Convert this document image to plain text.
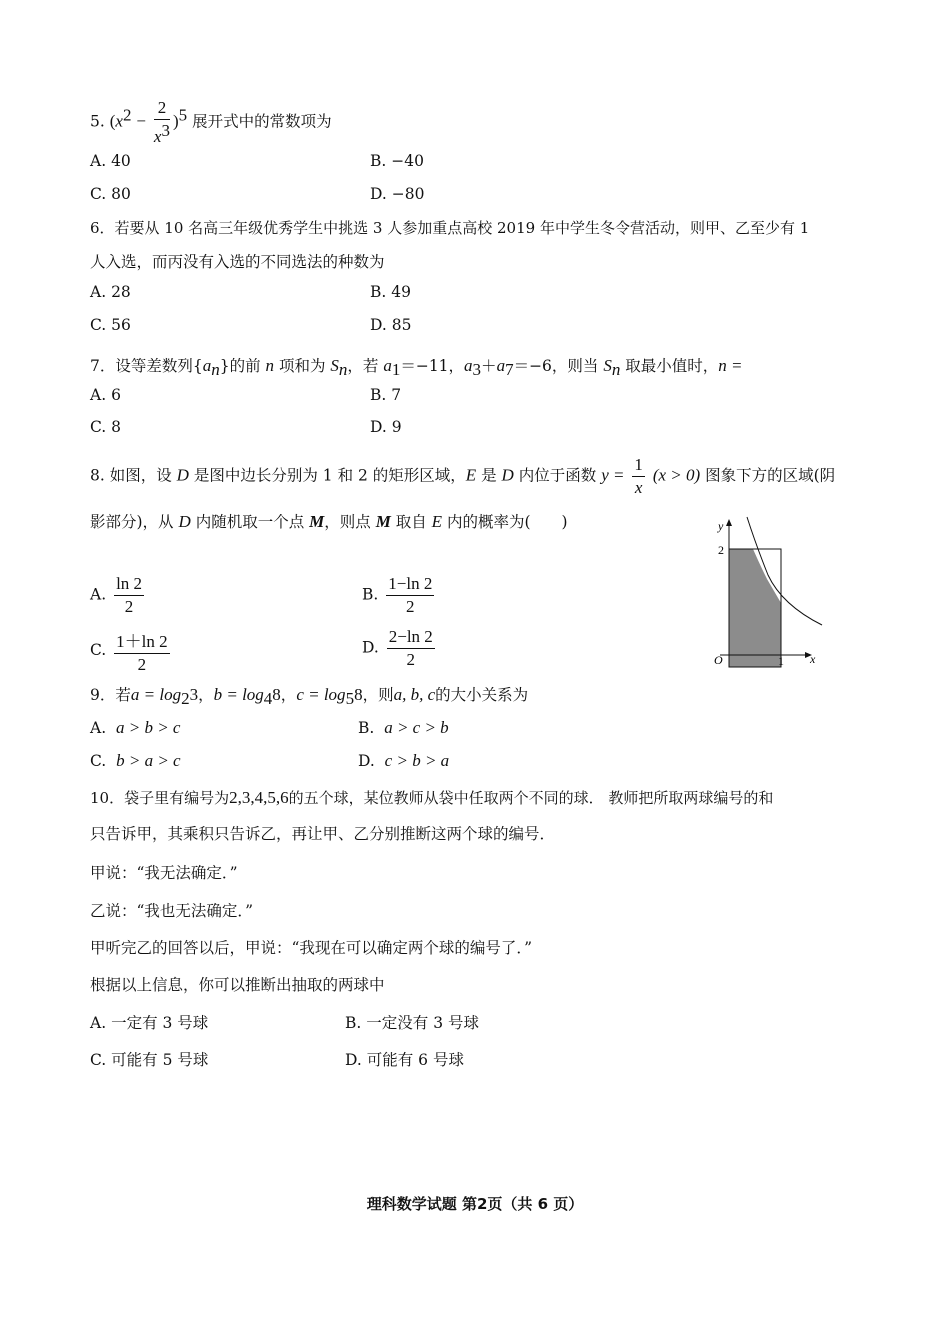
5. $(x^2 - \frac{2}{x^3} )^5$ 展开式中的常数项为
A. 40	B. −40
C. 80	D. −80
6．若要从 10 名高三年级优秀学生中挑选 3 人参加重点高校 2019 年中学生冬令营活动，则甲、乙至少有 1
人入选，而丙没有入选的不同选法的种数为
A. 28	B. 49
C. 56	D. 85
7．设等差数列$\{a_n\}$的前 n 项和为 $S_n$，若 $a_1=-11$，$a_3+a_7=-6$，则当 $S_n$ 取最小值时，n =
A. 6	B. 7
C. 8	D. 9
8. 如图，设 D 是图中边长分别为 1 和 2 的矩形区域，E 是 D 内位于函数 $y = \frac{1}{x} (x > 0)$ 图象下方的区域(阴
影部分)，从 D 内随机取一个点 M，则点 M 取自 E 内的概率为(　　)
A. $\frac{\ln 2}{2}$	B. $\frac{1-\ln 2}{2}$
C. $\frac{1+\ln 2}{2}$	D. $\frac{2-\ln 2}{2}$
y
x
O
2
1
9．若$a = \log_23$，$b = \log_48$，$c = \log_58$，则a, b, c的大小关系为
A. a > b > c	B. a > c > b
C. b > a > c	D. c > b > a
10．袋子里有编号为2,3,4,5,6的五个球，某位教师从袋中任取两个不同的球． 教师把所取两球编号的和
只告诉甲，其乘积只告诉乙，再让甲、乙分别推断这两个球的编号．
甲说：“我无法确定．”
乙说：“我也无法确定．”
甲听完乙的回答以后，甲说：“我现在可以确定两个球的编号了．”
根据以上信息，你可以推断出抽取的两球中
A. 一定有 3 号球	B. 一定没有 3 号球
C. 可能有 5 号球	D. 可能有 6 号球
理科数学试题 第2页（共 6 页）
